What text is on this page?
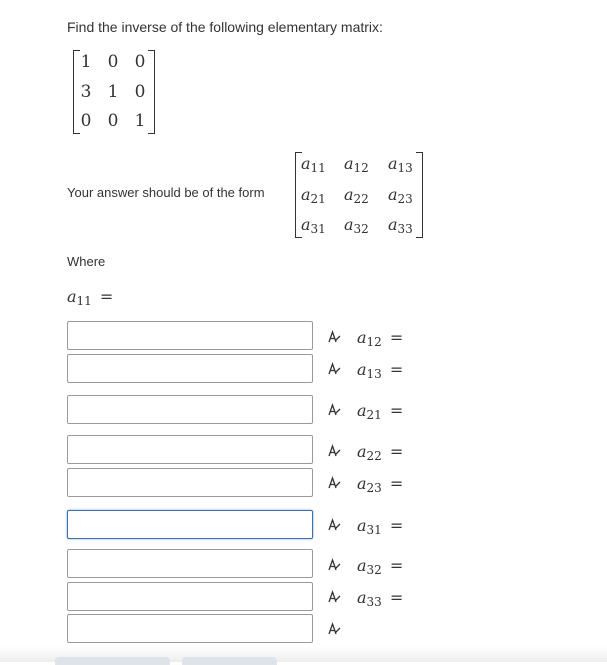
Find the inverse of the following elementary matrix:
1 0 0
3 1 0
0 0 1
Your answer should be of the form
$a_{11}$ $a_{12}$ $a_{13}$
$a_{21}$ $a_{22}$ $a_{23}$
$a_{31}$ $a_{32}$ $a_{33}$
Where
$a_{11}$ =
$a_{12}$ =
$a_{13}$ =
$a_{21}$ =
$a_{22}$ =
$a_{23}$ =
$a_{31}$ =
$a_{32}$ =
$a_{33}$ =
